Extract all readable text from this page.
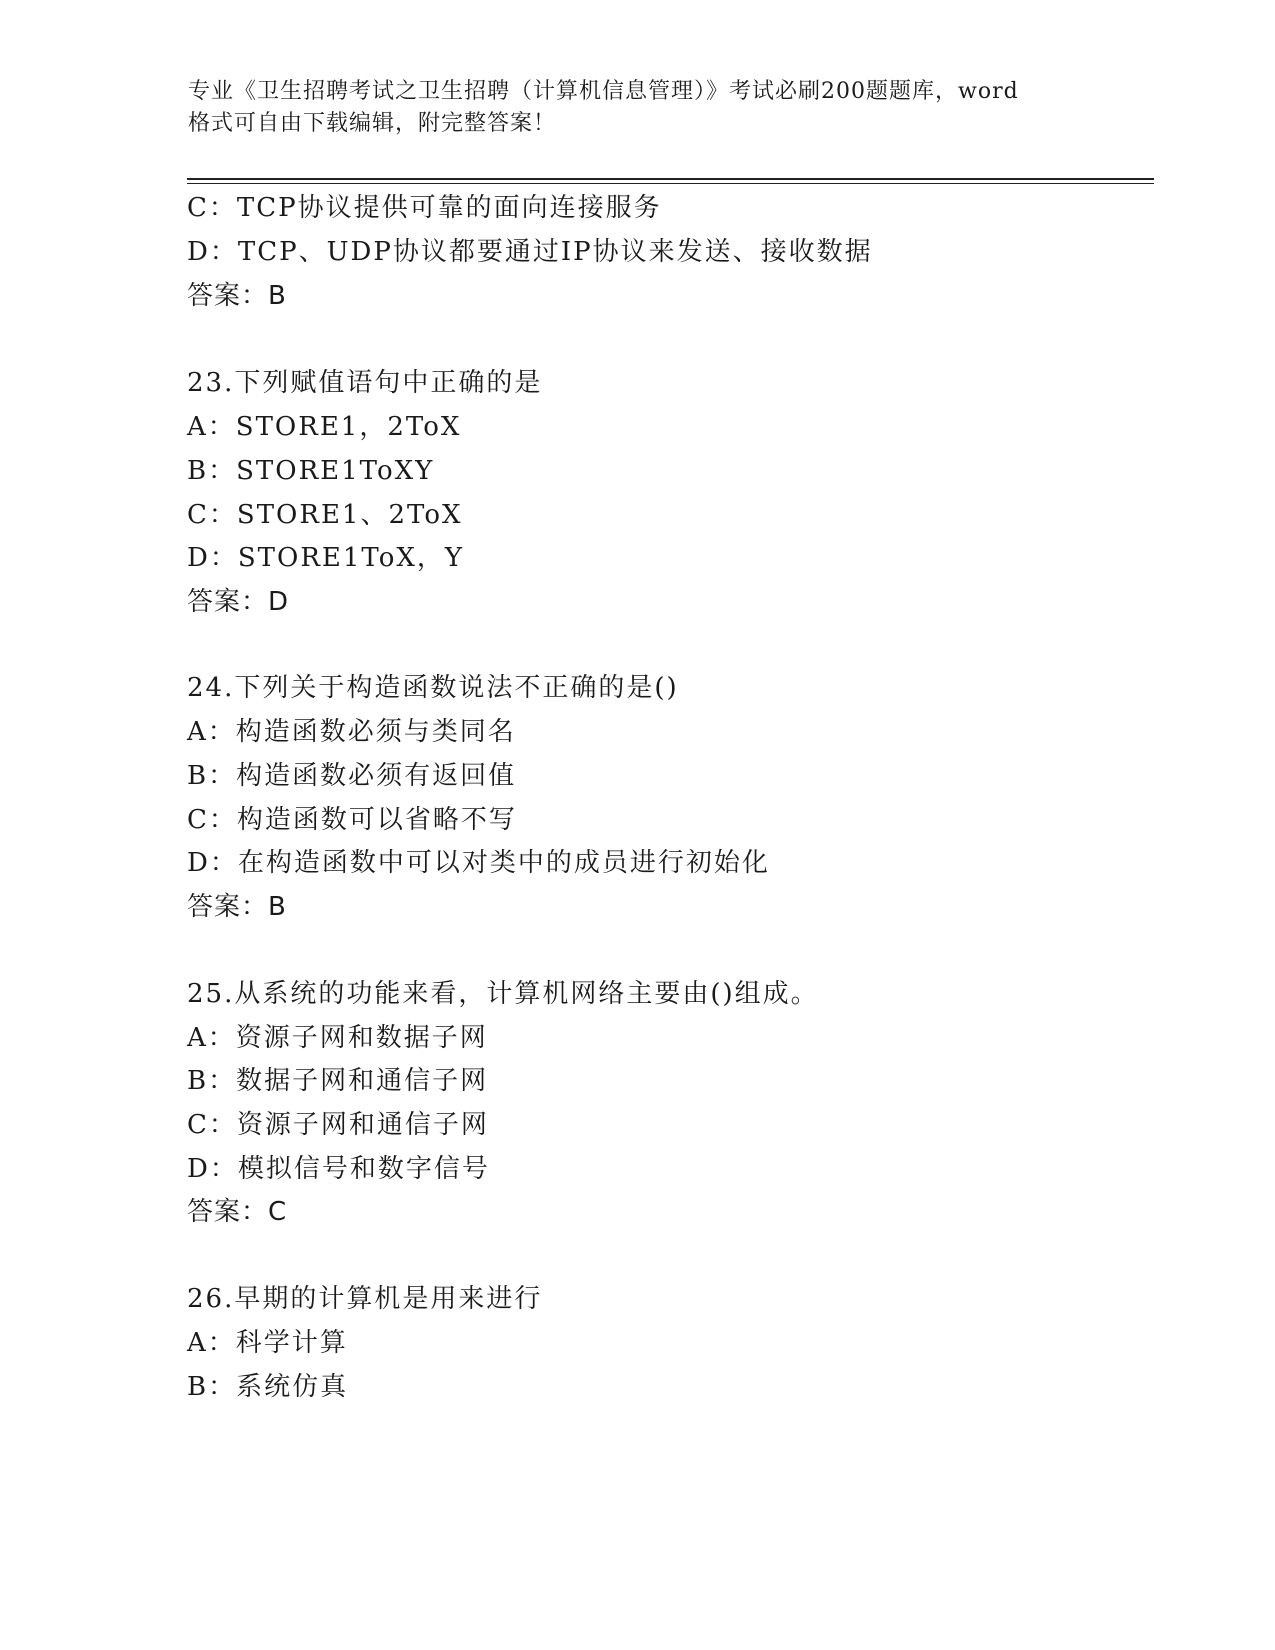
专业《卫生招聘考试之卫生招聘（计算机信息管理）》考试必刷200题题库，word
格式可自由下载编辑，附完整答案！
C：TCP协议提供可靠的面向连接服务
D：TCP、UDP协议都要通过IP协议来发送、接收数据
答案：B
23.下列赋值语句中正确的是
A：STORE1，2ToX
B：STORE1ToXY
C：STORE1、2ToX
D：STORE1ToX，Y
答案：D
24.下列关于构造函数说法不正确的是()
A：构造函数必须与类同名
B：构造函数必须有返回值
C：构造函数可以省略不写
D：在构造函数中可以对类中的成员进行初始化
答案：B
25.从系统的功能来看，计算机网络主要由()组成。
A：资源子网和数据子网
B：数据子网和通信子网
C：资源子网和通信子网
D：模拟信号和数字信号
答案：C
26.早期的计算机是用来进行
A：科学计算
B：系统仿真
